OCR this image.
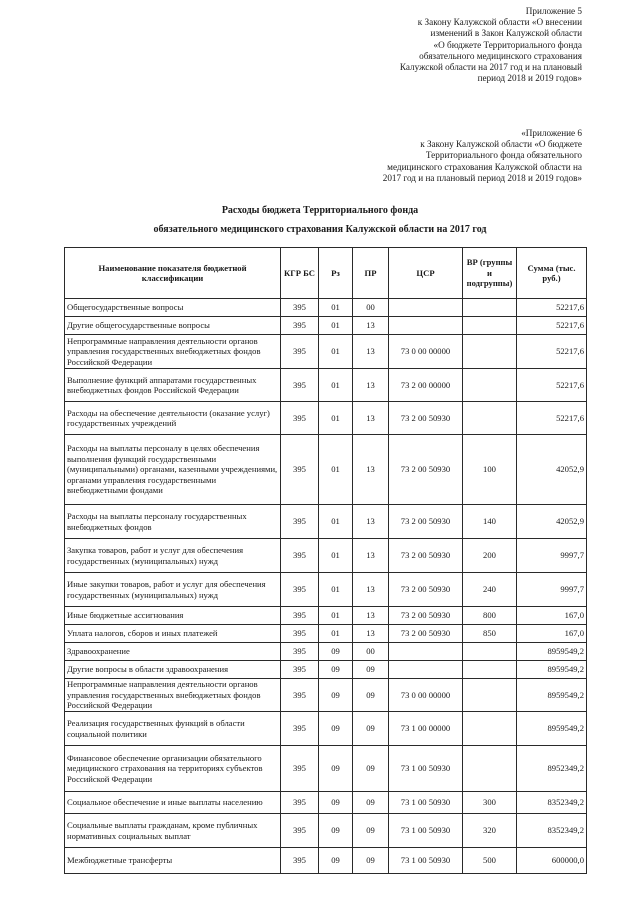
Приложение 5
к Закону Калужской области «О внесении
изменений в Закон Калужской области
«О бюджете Территориального фонда
обязательного медицинского страхования
Калужской области на 2017 год и на плановый
период 2018 и 2019 годов»
«Приложение 6
к Закону Калужской области «О бюджете
Территориального фонда обязательного
медицинского страхования Калужской области на
2017 год и на плановый период 2018 и 2019 годов»
Расходы бюджета Территориального фонда
обязательного медицинского страхования Калужской области на 2017 год
Наименование показателя бюджетной классификации	КГР БС	Рз	ПР	ЦСР	ВР (группы и подгруппы)	Сумма (тыс. руб.)
Общегосударственные вопросы	395	01	00			52217,6
Другие общегосударственные вопросы	395	01	13			52217,6
Непрограммные направления деятельности органов управления государственных внебюджетных фондов Российской Федерации	395	01	13	73 0 00 00000		52217,6
Выполнение функций аппаратами государственных внебюджетных фондов Российской Федерации	395	01	13	73 2 00 00000		52217,6
Расходы на обеспечение деятельности (оказание услуг) государственных учреждений	395	01	13	73 2 00 50930		52217,6
Расходы на выплаты персоналу в целях обеспечения выполнения функций государственными (муниципальными) органами, казенными учреждениями, органами управления государственными внебюджетными фондами	395	01	13	73 2 00 50930	100	42052,9
Расходы на выплаты персоналу государственных внебюджетных фондов	395	01	13	73 2 00 50930	140	42052,9
Закупка товаров, работ и услуг для обеспечения государственных (муниципальных) нужд	395	01	13	73 2 00 50930	200	9997,7
Иные закупки товаров, работ и услуг для обеспечения государственных (муниципальных) нужд	395	01	13	73 2 00 50930	240	9997,7
Иные бюджетные ассигнования	395	01	13	73 2 00 50930	800	167,0
Уплата налогов, сборов и иных платежей	395	01	13	73 2 00 50930	850	167,0
Здравоохранение	395	09	00			8959549,2
Другие вопросы в области здравоохранения	395	09	09			8959549,2
Непрограммные направления деятельности органов управления государственных внебюджетных фондов Российской Федерации	395	09	09	73 0 00 00000		8959549,2
Реализация государственных функций в области социальной политики	395	09	09	73 1 00 00000		8959549,2
Финансовое обеспечение организации обязательного медицинского страхования на территориях субъектов Российской Федерации	395	09	09	73 1 00 50930		8952349,2
Социальное обеспечение и иные выплаты населению	395	09	09	73 1 00 50930	300	8352349,2
Социальные выплаты гражданам, кроме публичных нормативных социальных выплат	395	09	09	73 1 00 50930	320	8352349,2
Межбюджетные трансферты	395	09	09	73 1 00 50930	500	600000,0
